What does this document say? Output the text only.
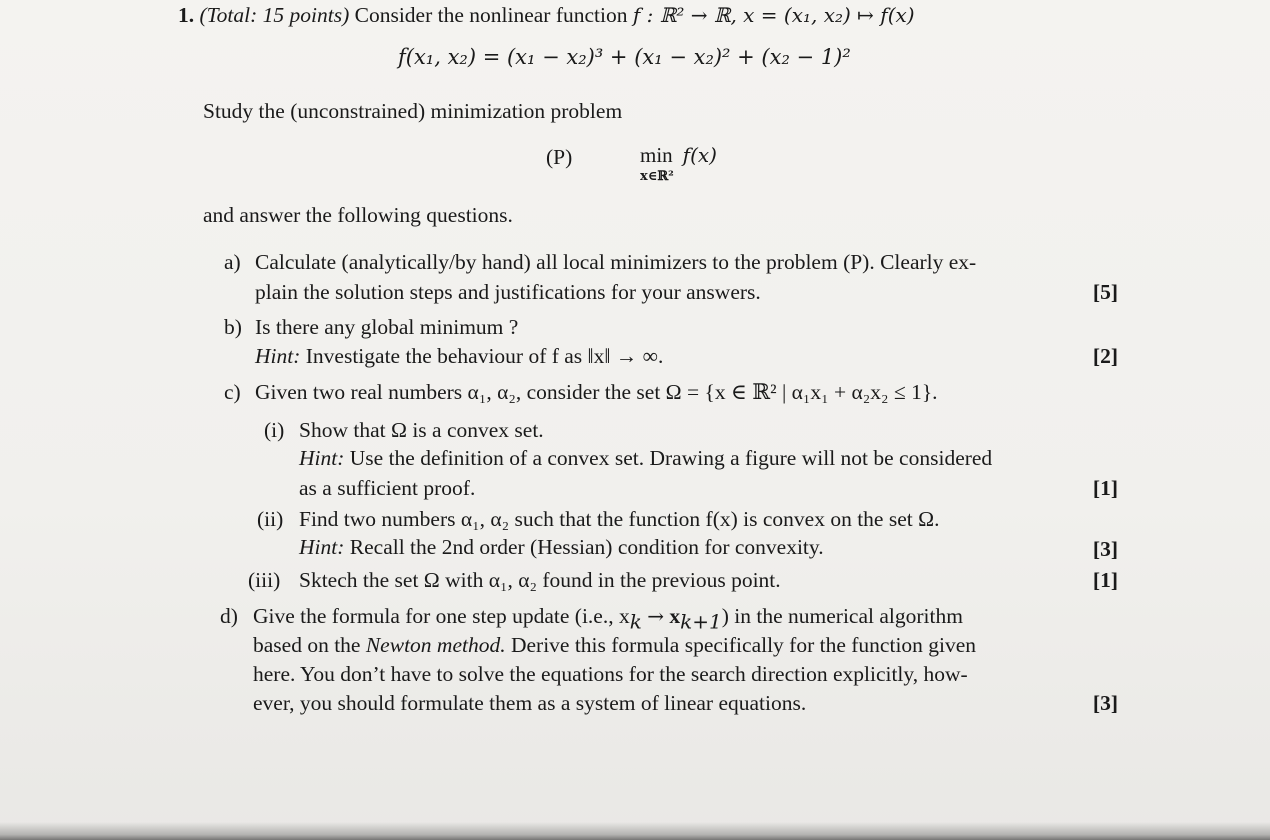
1. (Total: 15 points) Consider the nonlinear function f : ℝ² → ℝ, x = (x₁, x₂) ↦ f(x)
f(x₁, x₂) = (x₁ − x₂)³ + (x₁ − x₂)² + (x₂ − 1)²
Study the (unconstrained) minimization problem
(P)	min f(x)
x∈ℝ²
and answer the following questions.
a) Calculate (analytically/by hand) all local minimizers to the problem (P). Clearly ex-
plain the solution steps and justifications for your answers.	[5]
b) Is there any global minimum ?
Hint: Investigate the behaviour of f as ‖x‖ → ∞.	[2]
c) Given two real numbers α₁, α₂, consider the set Ω = {x ∈ ℝ² | α₁x₁ + α₂x₂ ≤ 1}.
(i) Show that Ω is a convex set.
Hint: Use the definition of a convex set. Drawing a figure will not be considered
as a sufficient proof.	[1]
(ii) Find two numbers α₁, α₂ such that the function f(x) is convex on the set Ω.
Hint: Recall the 2nd order (Hessian) condition for convexity.	[3]
(iii) Sktech the set Ω with α₁, α₂ found in the previous point.	[1]
d) Give the formula for one step update (i.e., $x_k \to x_{k+1}$) in the numerical algorithm
based on the Newton method. Derive this formula specifically for the function given
here. You don’t have to solve the equations for the search direction explicitly, how-
ever, you should formulate them as a system of linear equations.	[3]
